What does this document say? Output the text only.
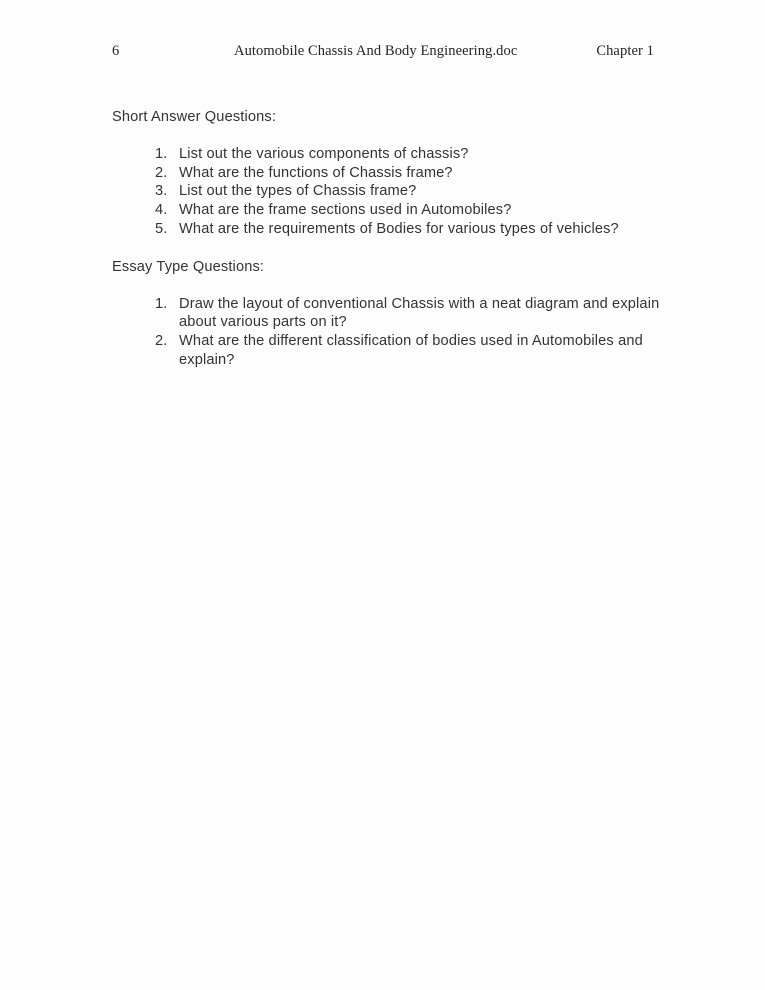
6	Automobile Chassis And Body Engineering.doc	Chapter 1

Short Answer Questions:

1. List out the various components of chassis?
2. What are the functions of Chassis frame?
3. List out the types of Chassis frame?
4. What are the frame sections used in Automobiles?
5. What are the requirements of Bodies for various types of vehicles?

Essay Type Questions:

1. Draw the layout of conventional Chassis with a neat diagram and explain about various parts on it?
2. What are the different classification of bodies used in Automobiles and explain?
